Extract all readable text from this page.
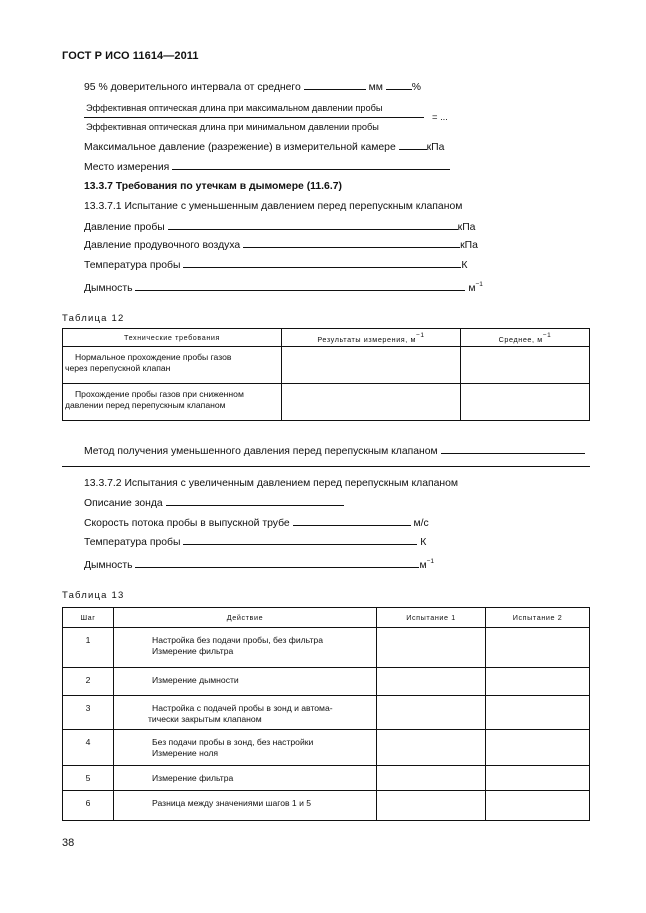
ГОСТ Р ИСО 11614—2011
95 % доверительного интервала от среднего	мм	%
Эффективная оптическая длина при максимальном давлении пробы
= ...
Эффективная оптическая длина при минимальном давлении пробы
Максимальное давление (разрежение) в измерительной камере	кПа
Место измерения
13.3.7 Требования по утечкам в дымомере (11.6.7)
13.3.7.1 Испытание с уменьшенным давлением перед перепускным клапаном
Давление пробы	кПа
Давление продувочного воздуха	кПа
Температура пробы	К
Дымность	$м^{-1}$
Таблица 12
Технические требования	Результаты измерения, м−1	Среднее, м−1

Нормальное прохождение пробы газов
через перепускной клапан		

Прохождение пробы газов при сниженном
давлении перед перепускным клапаном		

Метод получения уменьшенного давления перед перепускным клапаном
13.3.7.2 Испытания с увеличенным давлением перед перепускным клапаном
Описание зонда
Скорость потока пробы в выпускной трубе	м/с
Температура пробы	К
Дымность	$м^{-1}$
Таблица 13
Шаг	Действие	Испытание 1	Испытание 2
1	Настройка без подачи пробы, без фильтра
Измерение фильтра		

2	Измерение дымности		

3	Настройка с подачей пробы в зонд и автома-
тически закрытым клапаном		

4	Без подачи пробы в зонд, без настройки
Измерение ноля		

5	Измерение фильтра		

6	Разница между значениями шагов 1 и 5		

38
